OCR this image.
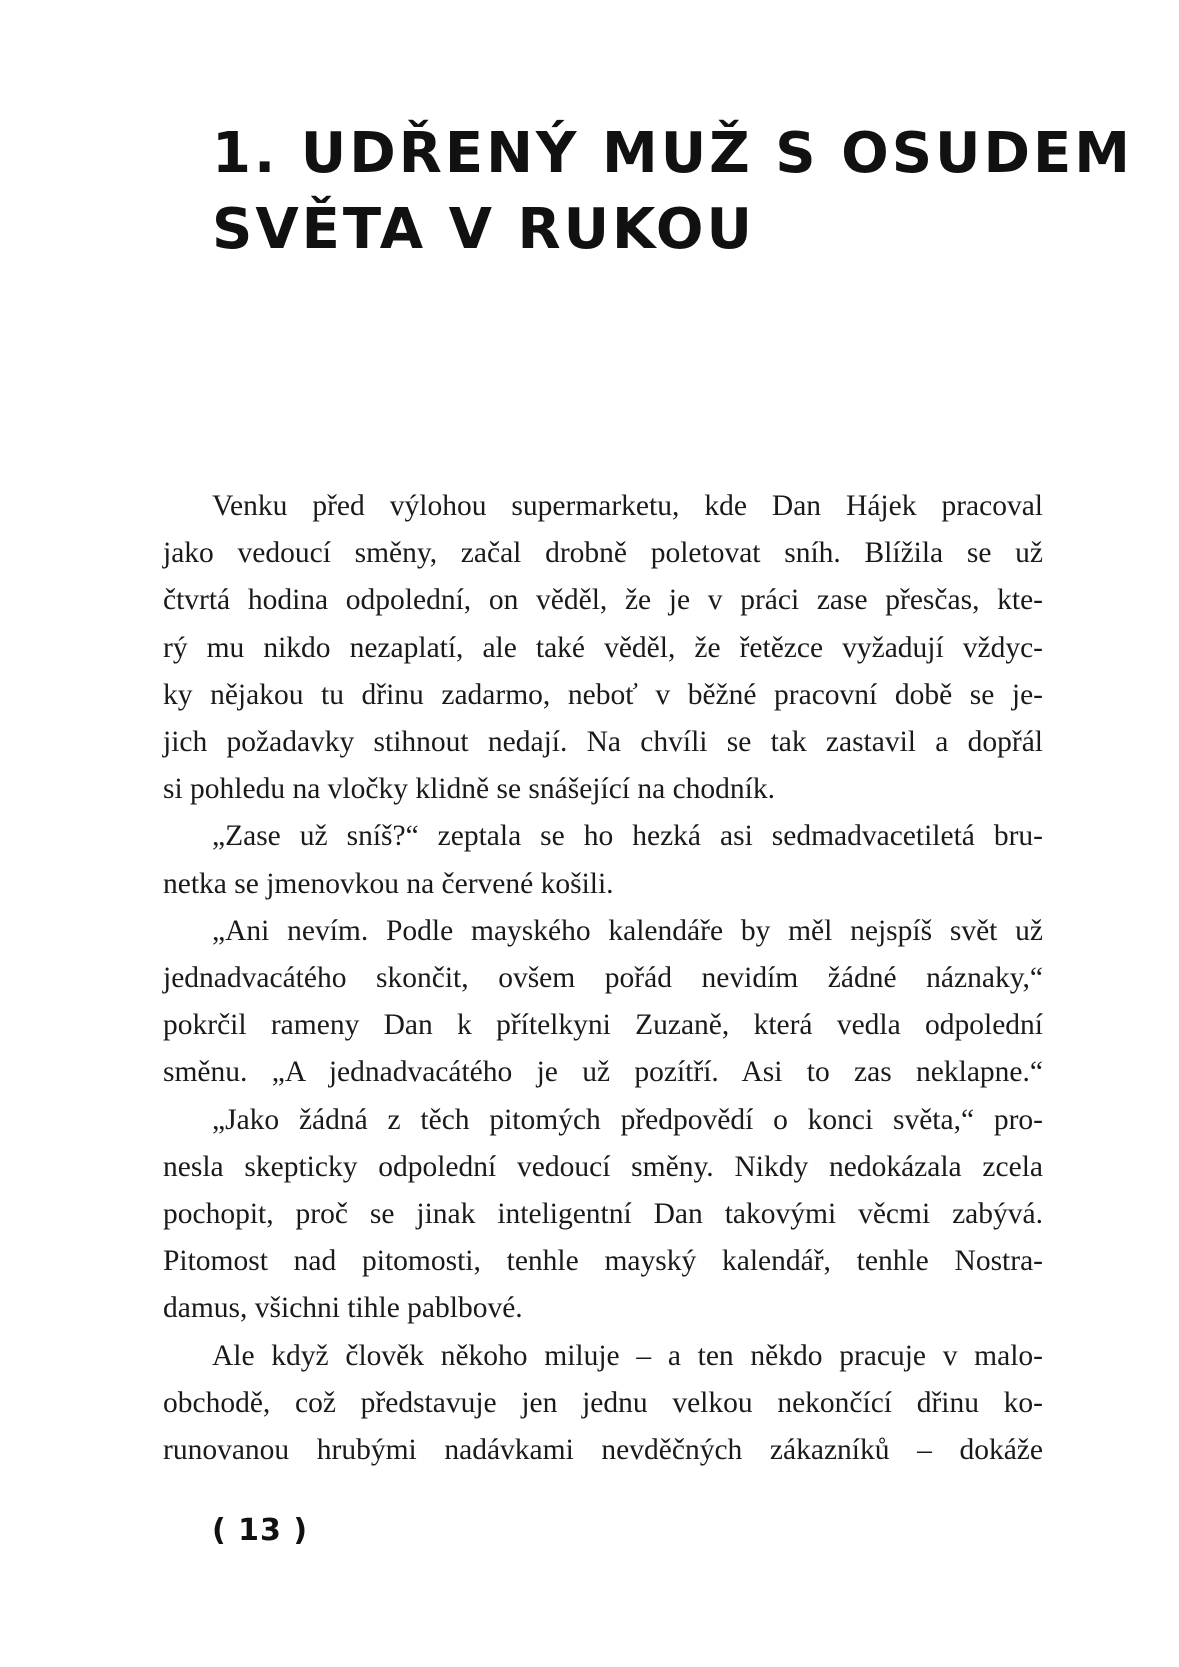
1. UDŘENÝ MUŽ S OSUDEM
SVĚTA V RUKOU

Venku před výlohou supermarketu, kde Dan Hájek pracoval
jako vedoucí směny, začal drobně poletovat sníh. Blížila se už
čtvrtá hodina odpolední, on věděl, že je v práci zase přesčas, kte-
rý mu nikdo nezaplatí, ale také věděl, že řetězce vyžadují vždyc-
ky nějakou tu dřinu zadarmo, neboť v běžné pracovní době se je-
jich požadavky stihnout nedají. Na chvíli se tak zastavil a dopřál
si pohledu na vločky klidně se snášející na chodník.

„Zase už sníš?“ zeptala se ho hezká asi sedmadvacetiletá bru-
netka se jmenovkou na červené košili.

„Ani nevím. Podle mayského kalendáře by měl nejspíš svět už
jednadvacátého skončit, ovšem pořád nevidím žádné náznaky,“
pokrčil rameny Dan k přítelkyni Zuzaně, která vedla odpolední
směnu. „A jednadvacátého je už pozítří. Asi to zas neklapne.“

„Jako žádná z těch pitomých předpovědí o konci světa,“ pro-
nesla skepticky odpolední vedoucí směny. Nikdy nedokázala zcela
pochopit, proč se jinak inteligentní Dan takovými věcmi zabývá.
Pitomost nad pitomosti, tenhle mayský kalendář, tenhle Nostra-
damus, všichni tihle pablbové.

Ale když člověk někoho miluje – a ten někdo pracuje v malo-
obchodě, což představuje jen jednu velkou nekončící dřinu ko-
runovanou hrubými nadávkami nevděčných zákazníků – dokáže

( 13 )
